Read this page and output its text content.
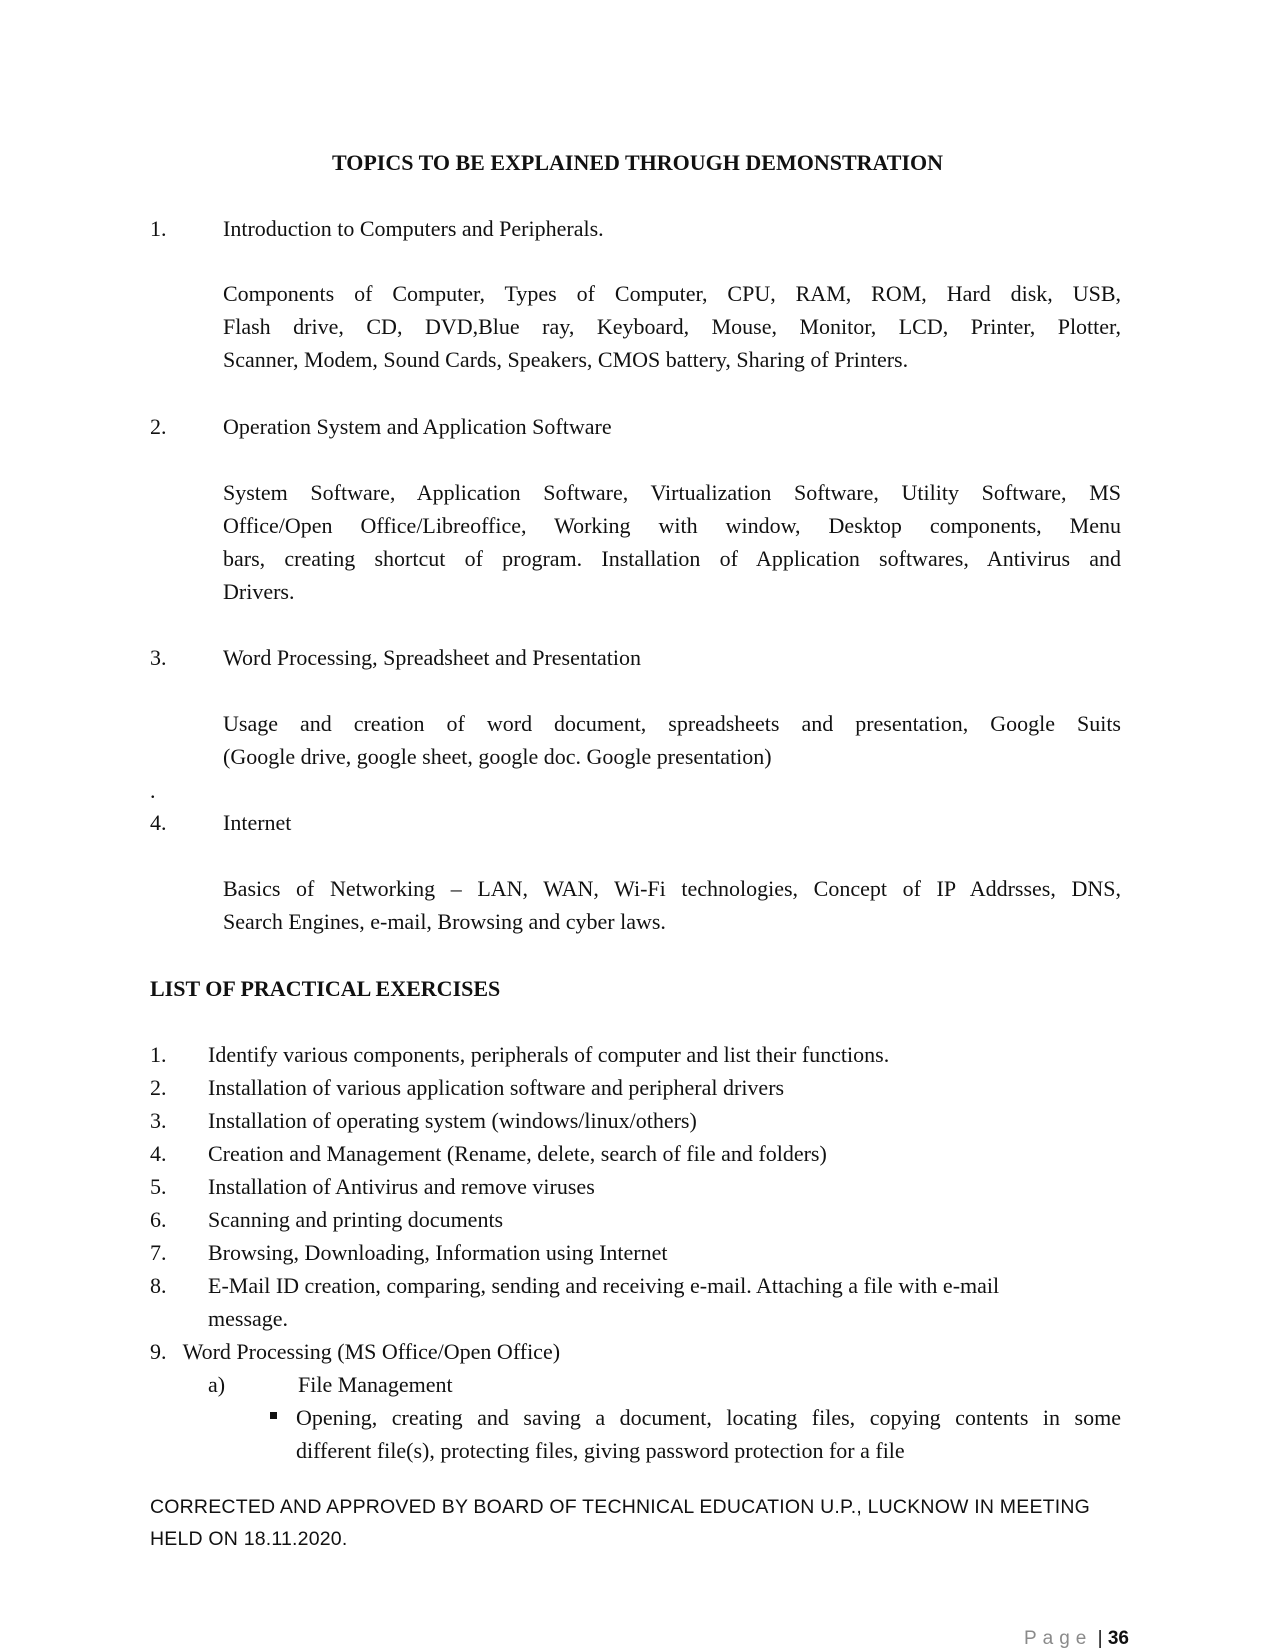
TOPICS TO BE EXPLAINED THROUGH DEMONSTRATION
1.	Introduction to Computers and Peripherals.
Components of Computer, Types of Computer, CPU, RAM, ROM, Hard disk, USB,
Flash drive, CD, DVD,Blue ray, Keyboard, Mouse, Monitor, LCD, Printer, Plotter,
Scanner, Modem, Sound Cards, Speakers, CMOS battery, Sharing of Printers.
2.	Operation System and Application Software
System Software, Application Software, Virtualization Software, Utility Software, MS
Office/Open Office/Libreoffice, Working with window, Desktop components, Menu
bars, creating shortcut of program. Installation of Application softwares, Antivirus and
Drivers.
3.	Word Processing, Spreadsheet and Presentation
Usage and creation of word document, spreadsheets and presentation, Google Suits
(Google drive, google sheet, google doc. Google presentation)
.
4.	Internet
Basics of Networking – LAN, WAN, Wi-Fi technologies, Concept of IP Addrsses, DNS,
Search Engines, e-mail, Browsing and cyber laws.
LIST OF PRACTICAL EXERCISES
1. Identify various components, peripherals of computer and list their functions.
2. Installation of various application software and peripheral drivers
3. Installation of operating system (windows/linux/others)
4. Creation and Management (Rename, delete, search of file and folders)
5. Installation of Antivirus and remove viruses
6. Scanning and printing documents
7. Browsing, Downloading, Information using Internet
8. E-Mail ID creation, comparing, sending and receiving e-mail. Attaching a file with e-mail
message.
9.   Word Processing (MS Office/Open Office)
a)	File Management
Opening, creating and saving a document, locating files, copying contents in some
different file(s), protecting files, giving password protection for a file
CORRECTED AND APPROVED BY BOARD OF TECHNICAL EDUCATION U.P., LUCKNOW IN MEETING
HELD ON 18.11.2020.
Page | 36
